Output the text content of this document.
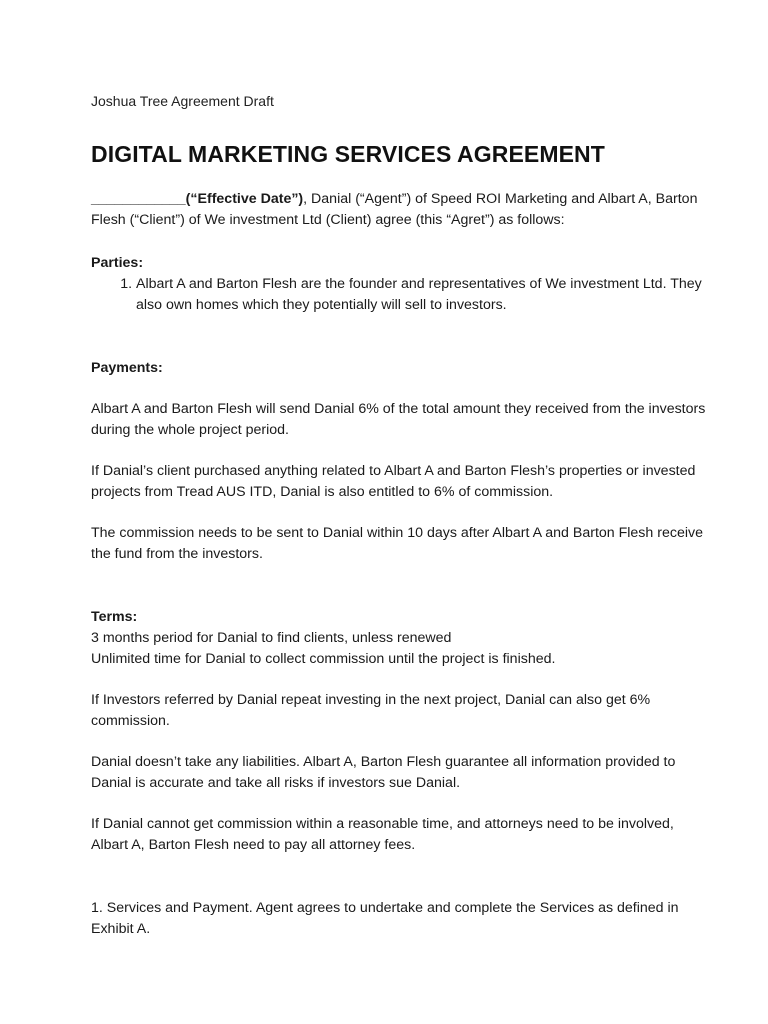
Joshua Tree Agreement Draft

DIGITAL MARKETING SERVICES AGREEMENT

____________(“Effective Date”), Danial (“Agent”) of Speed ROI Marketing and Albart A, Barton Flesh (“Client”) of We investment Ltd (Client) agree (this “Agret”) as follows:

Parties:
1. Albart A and Barton Flesh are the founder and representatives of We investment Ltd. They also own homes which they potentially will sell to investors.
Payments:

Albart A and Barton Flesh will send Danial 6% of the total amount they received from the investors during the whole project period.

If Danial’s client purchased anything related to Albart A and Barton Flesh’s properties or invested projects from Tread AUS ITD, Danial is also entitled to 6% of commission.

The commission needs to be sent to Danial within 10 days after Albart A and Barton Flesh receive the fund from the investors.

Terms:

3 months period for Danial to find clients, unless renewed

Unlimited time for Danial to collect commission until the project is finished.

If Investors referred by Danial repeat investing in the next project, Danial can also get 6% commission.

Danial doesn’t take any liabilities. Albart A, Barton Flesh guarantee all information provided to Danial is accurate and take all risks if investors sue Danial.

If Danial cannot get commission within a reasonable time, and attorneys need to be involved, Albart A, Barton Flesh need to pay all attorney fees.

1. Services and Payment. Agent agrees to undertake and complete the Services as defined in Exhibit A.
